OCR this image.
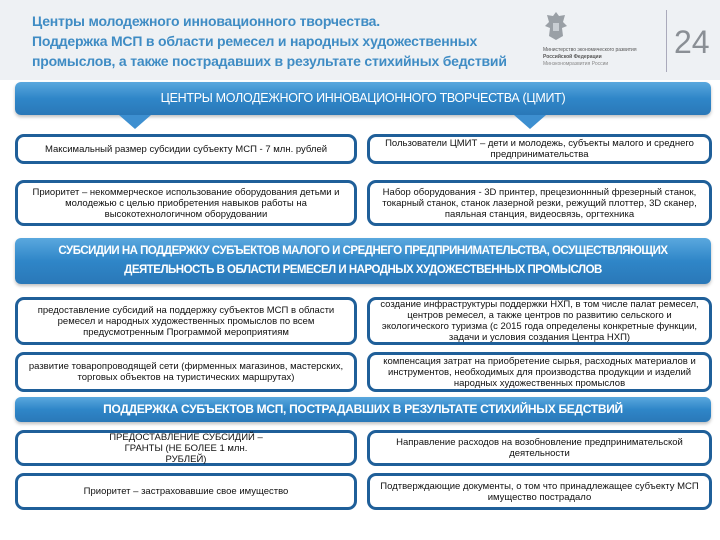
Центры молодежного инновационного творчества.
Поддержка МСП в области ремесел и народных художественных
промыслов, а также пострадавших в результате стихийных бедствий
Министерство экономического развития
Российской Федерации
Минэкономразвития России
24
ЦЕНТРЫ МОЛОДЕЖНОГО ИННОВАЦИОННОГО ТВОРЧЕСТВА (ЦМИТ)
Максимальный размер субсидии субъекту МСП - 7 млн. рублей	Пользователи ЦМИТ – дети и молодежь, субъекты малого и среднего предпринимательства
Приоритет – некоммерческое использование оборудования детьми и молодежью с целью приобретения навыков работы на высокотехнологичном оборудовании
Набор оборудования - 3D принтер, прецезионнный фрезерный станок, токарный станок, станок лазерной резки, режущий плоттер, 3D сканер, паяльная станция, видеосвязь, оргтехника
СУБСИДИИ НА ПОДДЕРЖКУ СУБЪЕКТОВ МАЛОГО И СРЕДНЕГО ПРЕДПРИНИМАТЕЛЬСТВА, ОСУЩЕСТВЛЯЮЩИХ
ДЕЯТЕЛЬНОСТЬ В ОБЛАСТИ РЕМЕСЕЛ И НАРОДНЫХ ХУДОЖЕСТВЕННЫХ ПРОМЫСЛОВ
предоставление субсидий на поддержку субъектов МСП в области ремесел и народных художественных промыслов по всем предусмотренным Программой мероприятиям
создание инфраструктуры поддержки НХП, в том числе палат ремесел, центров ремесел, а также центров по развитию сельского и экологического туризма (с 2015 года определены конкретные функции, задачи и условия создания Центра НХП)
развитие товаропроводящей сети (фирменных магазинов, мастерских, торговых объектов на туристических маршрутах)
компенсация затрат на приобретение сырья, расходных материалов и инструментов, необходимых для производства продукции и изделий народных художественных промыслов
ПОДДЕРЖКА СУБЪЕКТОВ МСП, ПОСТРАДАВШИХ В РЕЗУЛЬТАТЕ СТИХИЙНЫХ БЕДСТВИЙ
ПРЕДОСТАВЛЕНИЕ СУБСИДИЙ – ГРАНТЫ (НЕ БОЛЕЕ 1 млн. РУБЛЕЙ)
Направление расходов на возобновление предпринимательской деятельности
Приоритет – застраховавшие свое имущество	Подтверждающие документы, о том что принадлежащее субъекту МСП имущество пострадало
